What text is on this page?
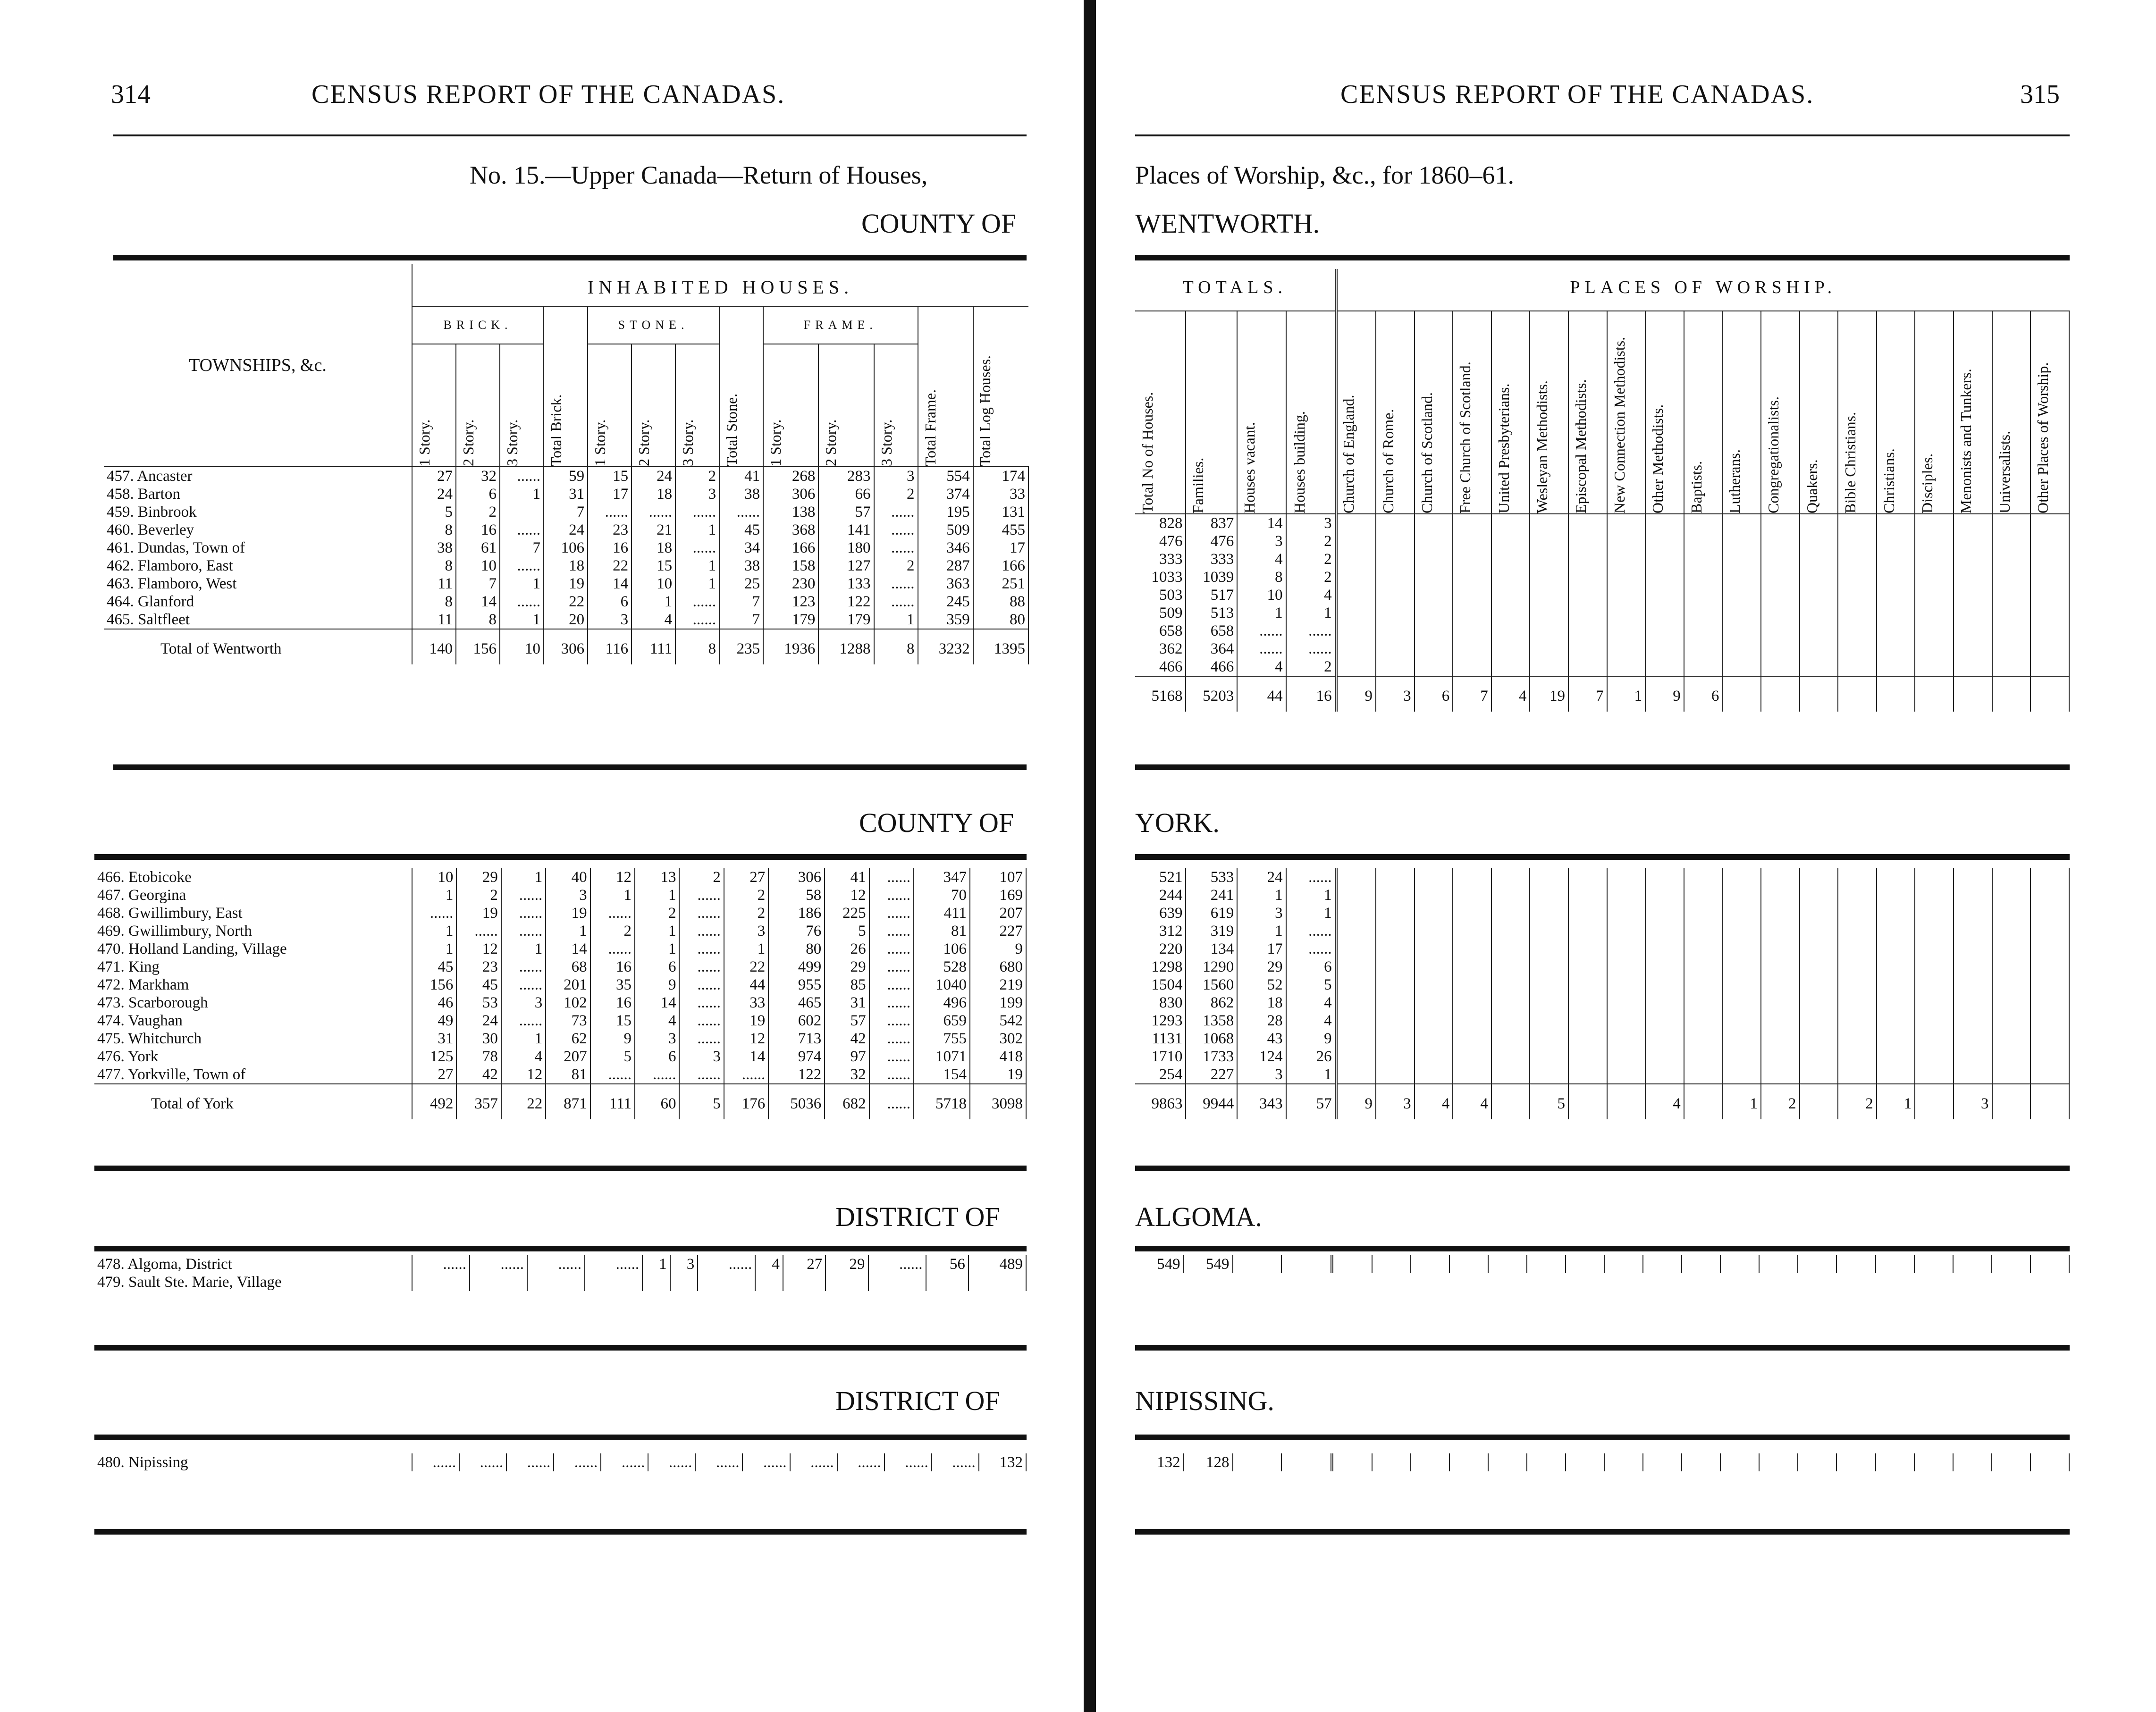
314	CENSUS REPORT OF THE CANADAS.
No. 15.—Upper Canada—Return of Houses,
COUNTY OF
TOWNSHIPS, &c.	INHABITED HOUSES.												
	BRICK.			Total Brick.	STONE.			Total Stone.	FRAME.			Total Frame.	Total Log Houses.
	1 Story.	2 Story.	3 Story.		1 Story.	2 Story.	3 Story.		1 Story.	2 Story.	3 Story.		
457. Ancaster	27	32	......	59	15	24	2	41	268	283	3	554	174
458. Barton	24	6	1	31	17	18	3	38	306	66	2	374	33
459. Binbrook	5	2		7	......	......	......	......	138	57	......	195	131
460. Beverley	8	16	......	24	23	21	1	45	368	141	......	509	455
461. Dundas, Town of	38	61	7	106	16	18	......	34	166	180	......	346	17
462. Flamboro, East	8	10	......	18	22	15	1	38	158	127	2	287	166
463. Flamboro, West	11	7	1	19	14	10	1	25	230	133	......	363	251
464. Glanford	8	14	......	22	6	1	......	7	123	122	......	245	88
465. Saltfleet	11	8	1	20	3	4	......	7	179	179	1	359	80
Total of Wentworth	140	156	10	306	116	111	8	235	1936	1288	8	3232	1395
COUNTY OF
466. Etobicoke	10	29	1	40	12	13	2	27	306	41	......	347	107
467. Georgina	1	2	......	3	1	1	......	2	58	12	......	70	169
468. Gwillimbury, East	......	19	......	19	......	2	......	2	186	225	......	411	207
469. Gwillimbury, North	1	......	......	1	2	1	......	3	76	5	......	81	227
470. Holland Landing, Village	1	12	1	14	......	1	......	1	80	26	......	106	9
471. King	45	23	......	68	16	6	......	22	499	29	......	528	680
472. Markham	156	45	......	201	35	9	......	44	955	85	......	1040	219
473. Scarborough	46	53	3	102	16	14	......	33	465	31	......	496	199
474. Vaughan	49	24	......	73	15	4	......	19	602	57	......	659	542
475. Whitchurch	31	30	1	62	9	3	......	12	713	42	......	755	302
476. York	125	78	4	207	5	6	3	14	974	97	......	1071	418
477. Yorkville, Town of	27	42	12	81	......	......	......	......	122	32	......	154	19
Total of York	492	357	22	871	111	60	5	176	5036	682	......	5718	3098
DISTRICT OF
478. Algoma, District	......	......	......	......	1	3	......	4	27	29	......	56	489
479. Sault Ste. Marie, Village													
DISTRICT OF
480. Nipissing	......	......	......	......	......	......	......	......	......	......	......	......	132
CENSUS REPORT OF THE CANADAS.	315
Places of Worship, &c., for 1860–61.
WENTWORTH.
TOTALS.				PLACES OF WORSHIP.																		
Total No of Houses.	Families.	Houses vacant.	Houses building.	Church of England.	Church of Rome.	Church of Scotland.	Free Church of Scotland.	United Presbyterians.	Wesleyan Methodists.	Episcopal Methodists.	New Connection Methodists.	Other Methodists.	Baptists.	Lutherans.	Congregationalists.	Quakers.	Bible Christians.	Christians.	Disciples.	Menonists and Tunkers.	Universalists.	Other Places of Worship.
828	837	14	3																			
476	476	3	2																			
333	333	4	2																			
1033	1039	8	2																			
503	517	10	4																			
509	513	1	1																			
658	658	......	......																			
362	364	......	......																			
466	466	4	2																			
5168	5203	44	16	9	3	6	7	4	19	7	1	9	6									
YORK.
521	533	24	......																			
244	241	1	1																			
639	619	3	1																			
312	319	1	......																			
220	134	17	......																			
1298	1290	29	6																			
1504	1560	52	5																			
830	862	18	4																			
1293	1358	28	4																			
1131	1068	43	9																			
1710	1733	124	26																			
254	227	3	1																			
9863	9944	343	57	9	3	4	4		5			4		1	2		2	1		3		
ALGOMA.
549	549																					
NIPISSING.
132	128																					
